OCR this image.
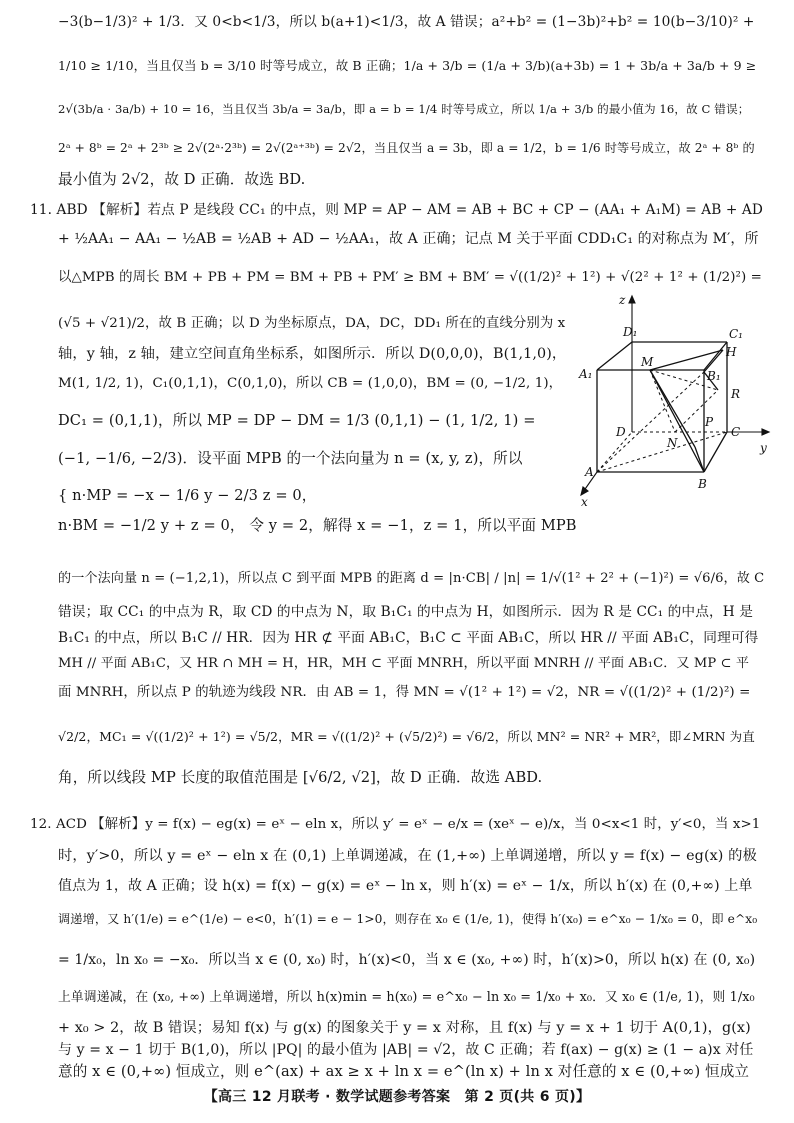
−3(b−1/3)² + 1/3．又 0<b<1/3，所以 b(a+1)<1/3，故 A 错误；a²+b² = (1−3b)²+b² = 10(b−3/10)² +
1/10 ≥ 1/10，当且仅当 b = 3/10 时等号成立，故 B 正确；1/a + 3/b = (1/a + 3/b)(a+3b) = 1 + 3b/a + 3a/b + 9 ≥
2√(3b/a · 3a/b) + 10 = 16，当且仅当 3b/a = 3a/b，即 a = b = 1/4 时等号成立，所以 1/a + 3/b 的最小值为 16，故 C 错误；
2ᵃ + 8ᵇ = 2ᵃ + 2³ᵇ ≥ 2√(2ᵃ·2³ᵇ) = 2√(2ᵃ⁺³ᵇ) = 2√2，当且仅当 a = 3b，即 a = 1/2，b = 1/6 时等号成立，故 2ᵃ + 8ᵇ 的
最小值为 2√2，故 D 正确．故选 BD.
11. ABD 【解析】若点 P 是线段 CC₁ 的中点，则 MP = AP − AM = AB + BC + CP − (AA₁ + A₁M) = AB + AD
+ ½AA₁ − AA₁ − ½AB = ½AB + AD − ½AA₁，故 A 正确；记点 M 关于平面 CDD₁C₁ 的对称点为 M′，所
以△MPB 的周长 BM + PB + PM = BM + PB + PM′ ≥ BM + BM′ = √((1/2)² + 1²) + √(2² + 1² + (1/2)²) =
(√5 + √21)/2，故 B 正确；以 D 为坐标原点，DA，DC，DD₁ 所在的直线分别为 x
轴，y 轴，z 轴，建立空间直角坐标系，如图所示．所以 D(0,0,0)，B(1,1,0)，
M(1, 1/2, 1)，C₁(0,1,1)，C(0,1,0)，所以 CB = (1,0,0)，BM = (0, −1/2, 1)，
DC₁ = (0,1,1)，所以 MP = DP − DM = 1/3 (0,1,1) − (1, 1/2, 1) =
(−1, −1/6, −2/3)．设平面 MPB 的一个法向量为 n = (x, y, z)，所以
{ n·MP = −x − 1/6 y − 2/3 z = 0，
n·BM = −1/2 y + z = 0， 令 y = 2，解得 x = −1，z = 1，所以平面 MPB
的一个法向量 n = (−1,2,1)，所以点 C 到平面 MPB 的距离 d = |n·CB| / |n| = 1/√(1² + 2² + (−1)²) = √6/6，故 C
错误；取 CC₁ 的中点为 R，取 CD 的中点为 N，取 B₁C₁ 的中点为 H，如图所示．因为 R 是 CC₁ 的中点，H 是
B₁C₁ 的中点，所以 B₁C // HR．因为 HR ⊄ 平面 AB₁C，B₁C ⊂ 平面 AB₁C，所以 HR // 平面 AB₁C，同理可得
MH // 平面 AB₁C，又 HR ∩ MH = H，HR，MH ⊂ 平面 MNRH，所以平面 MNRH // 平面 AB₁C．又 MP ⊂ 平
面 MNRH，所以点 P 的轨迹为线段 NR．由 AB = 1，得 MN = √(1² + 1²) = √2，NR = √((1/2)² + (1/2)²) =
√2/2，MC₁ = √((1/2)² + 1²) = √5/2，MR = √((1/2)² + (√5/2)²) = √6/2，所以 MN² = NR² + MR²，即∠MRN 为直
角，所以线段 MP 长度的取值范围是 [√6/2, √2]，故 D 正确．故选 ABD.
12. ACD 【解析】y = f(x) − eg(x) = eˣ − eln x，所以 y′ = eˣ − e/x = (xeˣ − e)/x，当 0<x<1 时，y′<0，当 x>1
时，y′>0，所以 y = eˣ − eln x 在 (0,1) 上单调递减，在 (1,+∞) 上单调递增，所以 y = f(x) − eg(x) 的极
值点为 1，故 A 正确；设 h(x) = f(x) − g(x) = eˣ − ln x，则 h′(x) = eˣ − 1/x，所以 h′(x) 在 (0,+∞) 上单
调递增，又 h′(1/e) = e^(1/e) − e<0，h′(1) = e − 1>0，则存在 x₀ ∈ (1/e, 1)，使得 h′(x₀) = e^x₀ − 1/x₀ = 0，即 e^x₀
= 1/x₀，ln x₀ = −x₀．所以当 x ∈ (0, x₀) 时，h′(x)<0，当 x ∈ (x₀, +∞) 时，h′(x)>0，所以 h(x) 在 (0, x₀)
上单调递减，在 (x₀, +∞) 上单调递增，所以 h(x)min = h(x₀) = e^x₀ − ln x₀ = 1/x₀ + x₀．又 x₀ ∈ (1/e, 1)，则 1/x₀
+ x₀ > 2，故 B 错误；易知 f(x) 与 g(x) 的图象关于 y = x 对称，且 f(x) 与 y = x + 1 切于 A(0,1)，g(x)
与 y = x − 1 切于 B(1,0)，所以 |PQ| 的最小值为 |AB| = √2，故 C 正确；若 f(ax) − g(x) ≥ (1 − a)x 对任
意的 x ∈ (0,+∞) 恒成立，则 e^(ax) + ax ≥ x + ln x = e^(ln x) + ln x 对任意的 x ∈ (0,+∞) 恒成立
z
D₁	C₁
H
A₁
M
B₁
R
D
N
P
C
y
A
B
x
【高三 12 月联考 · 数学试题参考答案　第 2 页(共 6 页)】
